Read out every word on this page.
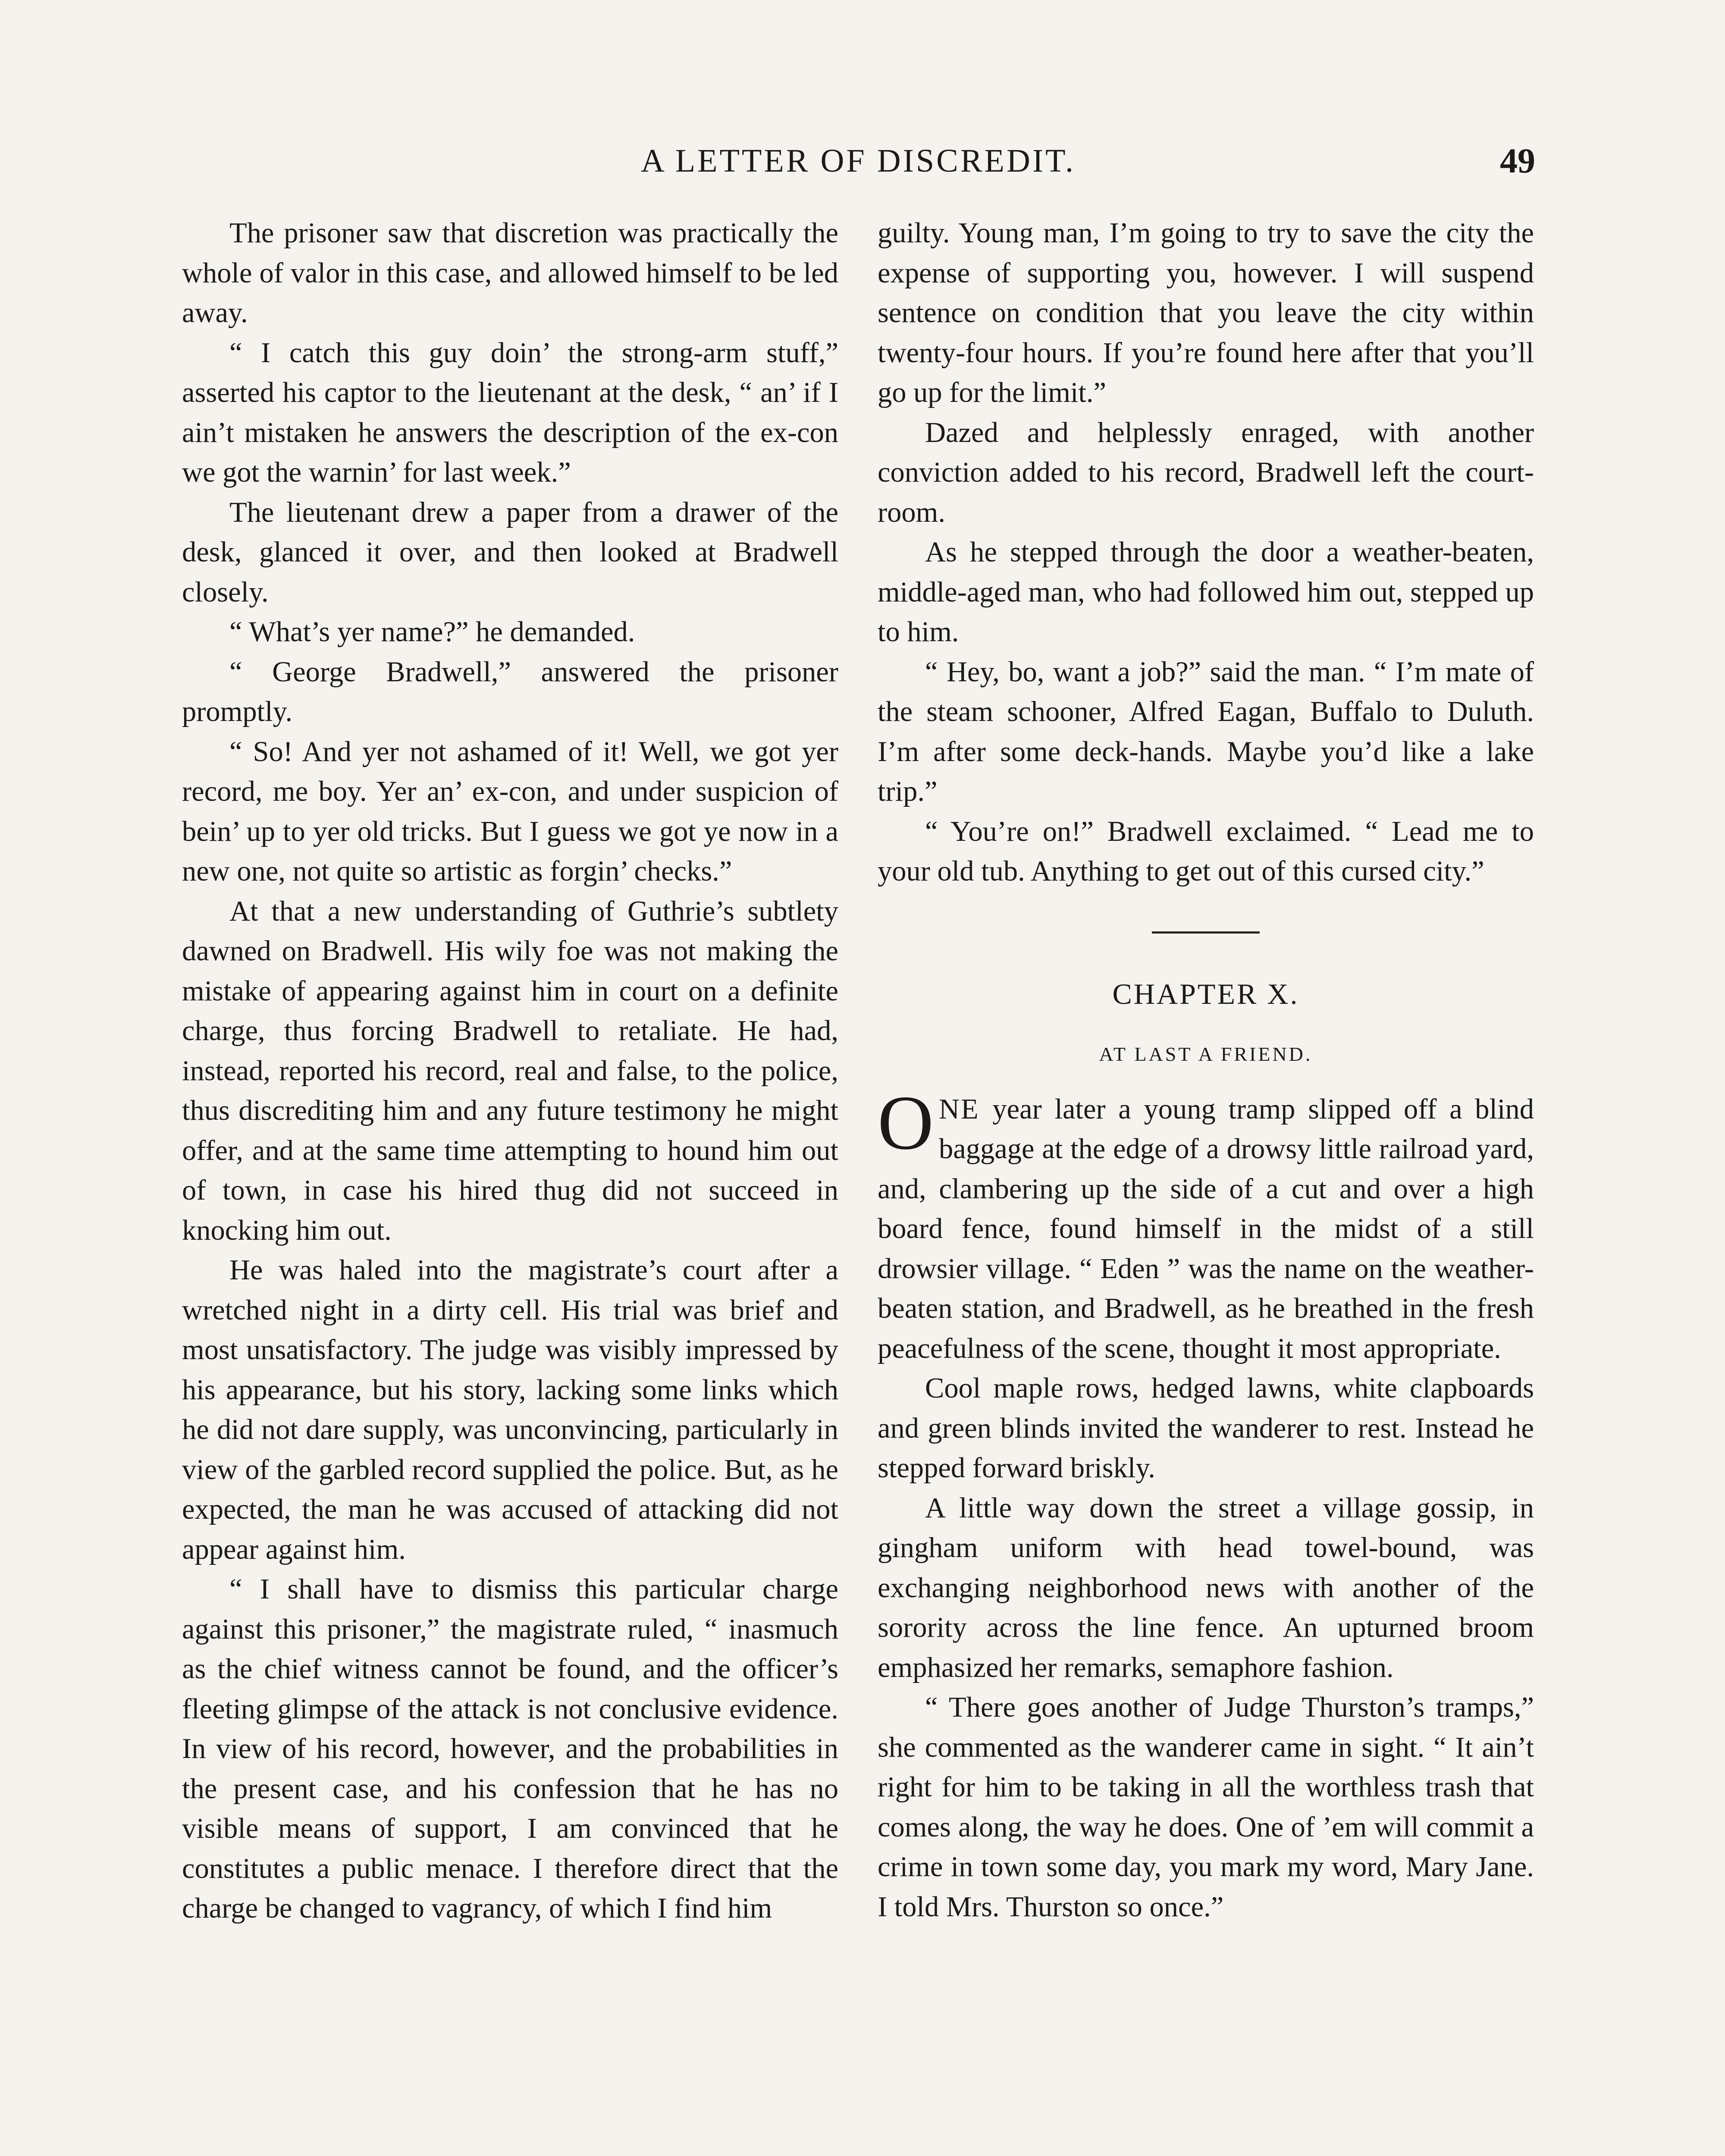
A LETTER OF DISCREDIT.	49

The prisoner saw that discretion was practically the whole of valor in this case, and allowed himself to be led away.

“ I catch this guy doin’ the strong-arm stuff,” asserted his captor to the lieutenant at the desk, “ an’ if I ain’t mistaken he answers the description of the ex-con we got the warnin’ for last week.”

The lieutenant drew a paper from a drawer of the desk, glanced it over, and then looked at Bradwell closely.

“ What’s yer name?” he demanded.

“ George Bradwell,” answered the prisoner promptly.

“ So! And yer not ashamed of it! Well, we got yer record, me boy. Yer an’ ex-con, and under suspicion of bein’ up to yer old tricks. But I guess we got ye now in a new one, not quite so artistic as forgin’ checks.”

At that a new understanding of Guthrie’s subtlety dawned on Bradwell. His wily foe was not making the mistake of appearing against him in court on a definite charge, thus forcing Bradwell to retaliate. He had, instead, reported his record, real and false, to the police, thus discrediting him and any future testimony he might offer, and at the same time attempting to hound him out of town, in case his hired thug did not succeed in knocking him out.

He was haled into the magistrate’s court after a wretched night in a dirty cell. His trial was brief and most unsatisfactory. The judge was visibly impressed by his appearance, but his story, lacking some links which he did not dare supply, was unconvincing, particularly in view of the garbled record supplied the police. But, as he expected, the man he was accused of attacking did not appear against him.

“ I shall have to dismiss this particular charge against this prisoner,” the magistrate ruled, “ inasmuch as the chief witness cannot be found, and the officer’s fleeting glimpse of the attack is not conclusive evidence. In view of his record, however, and the probabilities in the present case, and his confession that he has no visible means of support, I am convinced that he constitutes a public menace. I therefore direct that the charge be changed to vagrancy, of which I find him

guilty. Young man, I’m going to try to save the city the expense of supporting you, however. I will suspend sentence on condition that you leave the city within twenty-four hours. If you’re found here after that you’ll go up for the limit.”

Dazed and helplessly enraged, with another conviction added to his record, Bradwell left the court-room.

As he stepped through the door a weather-beaten, middle-aged man, who had followed him out, stepped up to him.

“ Hey, bo, want a job?” said the man. “ I’m mate of the steam schooner, Alfred Eagan, Buffalo to Duluth. I’m after some deck-hands. Maybe you’d like a lake trip.”

“ You’re on!” Bradwell exclaimed. “ Lead me to your old tub. Anything to get out of this cursed city.”

CHAPTER X.
AT LAST A FRIEND.

ONE year later a young tramp slipped off a blind baggage at the edge of a drowsy little railroad yard, and, clambering up the side of a cut and over a high board fence, found himself in the midst of a still drowsier village. “ Eden ” was the name on the weather-beaten station, and Bradwell, as he breathed in the fresh peacefulness of the scene, thought it most appropriate.

Cool maple rows, hedged lawns, white clapboards and green blinds invited the wanderer to rest. Instead he stepped forward briskly.

A little way down the street a village gossip, in gingham uniform with head towel-bound, was exchanging neighborhood news with another of the sorority across the line fence. An upturned broom emphasized her remarks, semaphore fashion.

“ There goes another of Judge Thurston’s tramps,” she commented as the wanderer came in sight. “ It ain’t right for him to be taking in all the worthless trash that comes along, the way he does. One of ’em will commit a crime in town some day, you mark my word, Mary Jane. I told Mrs. Thurston so once.”
